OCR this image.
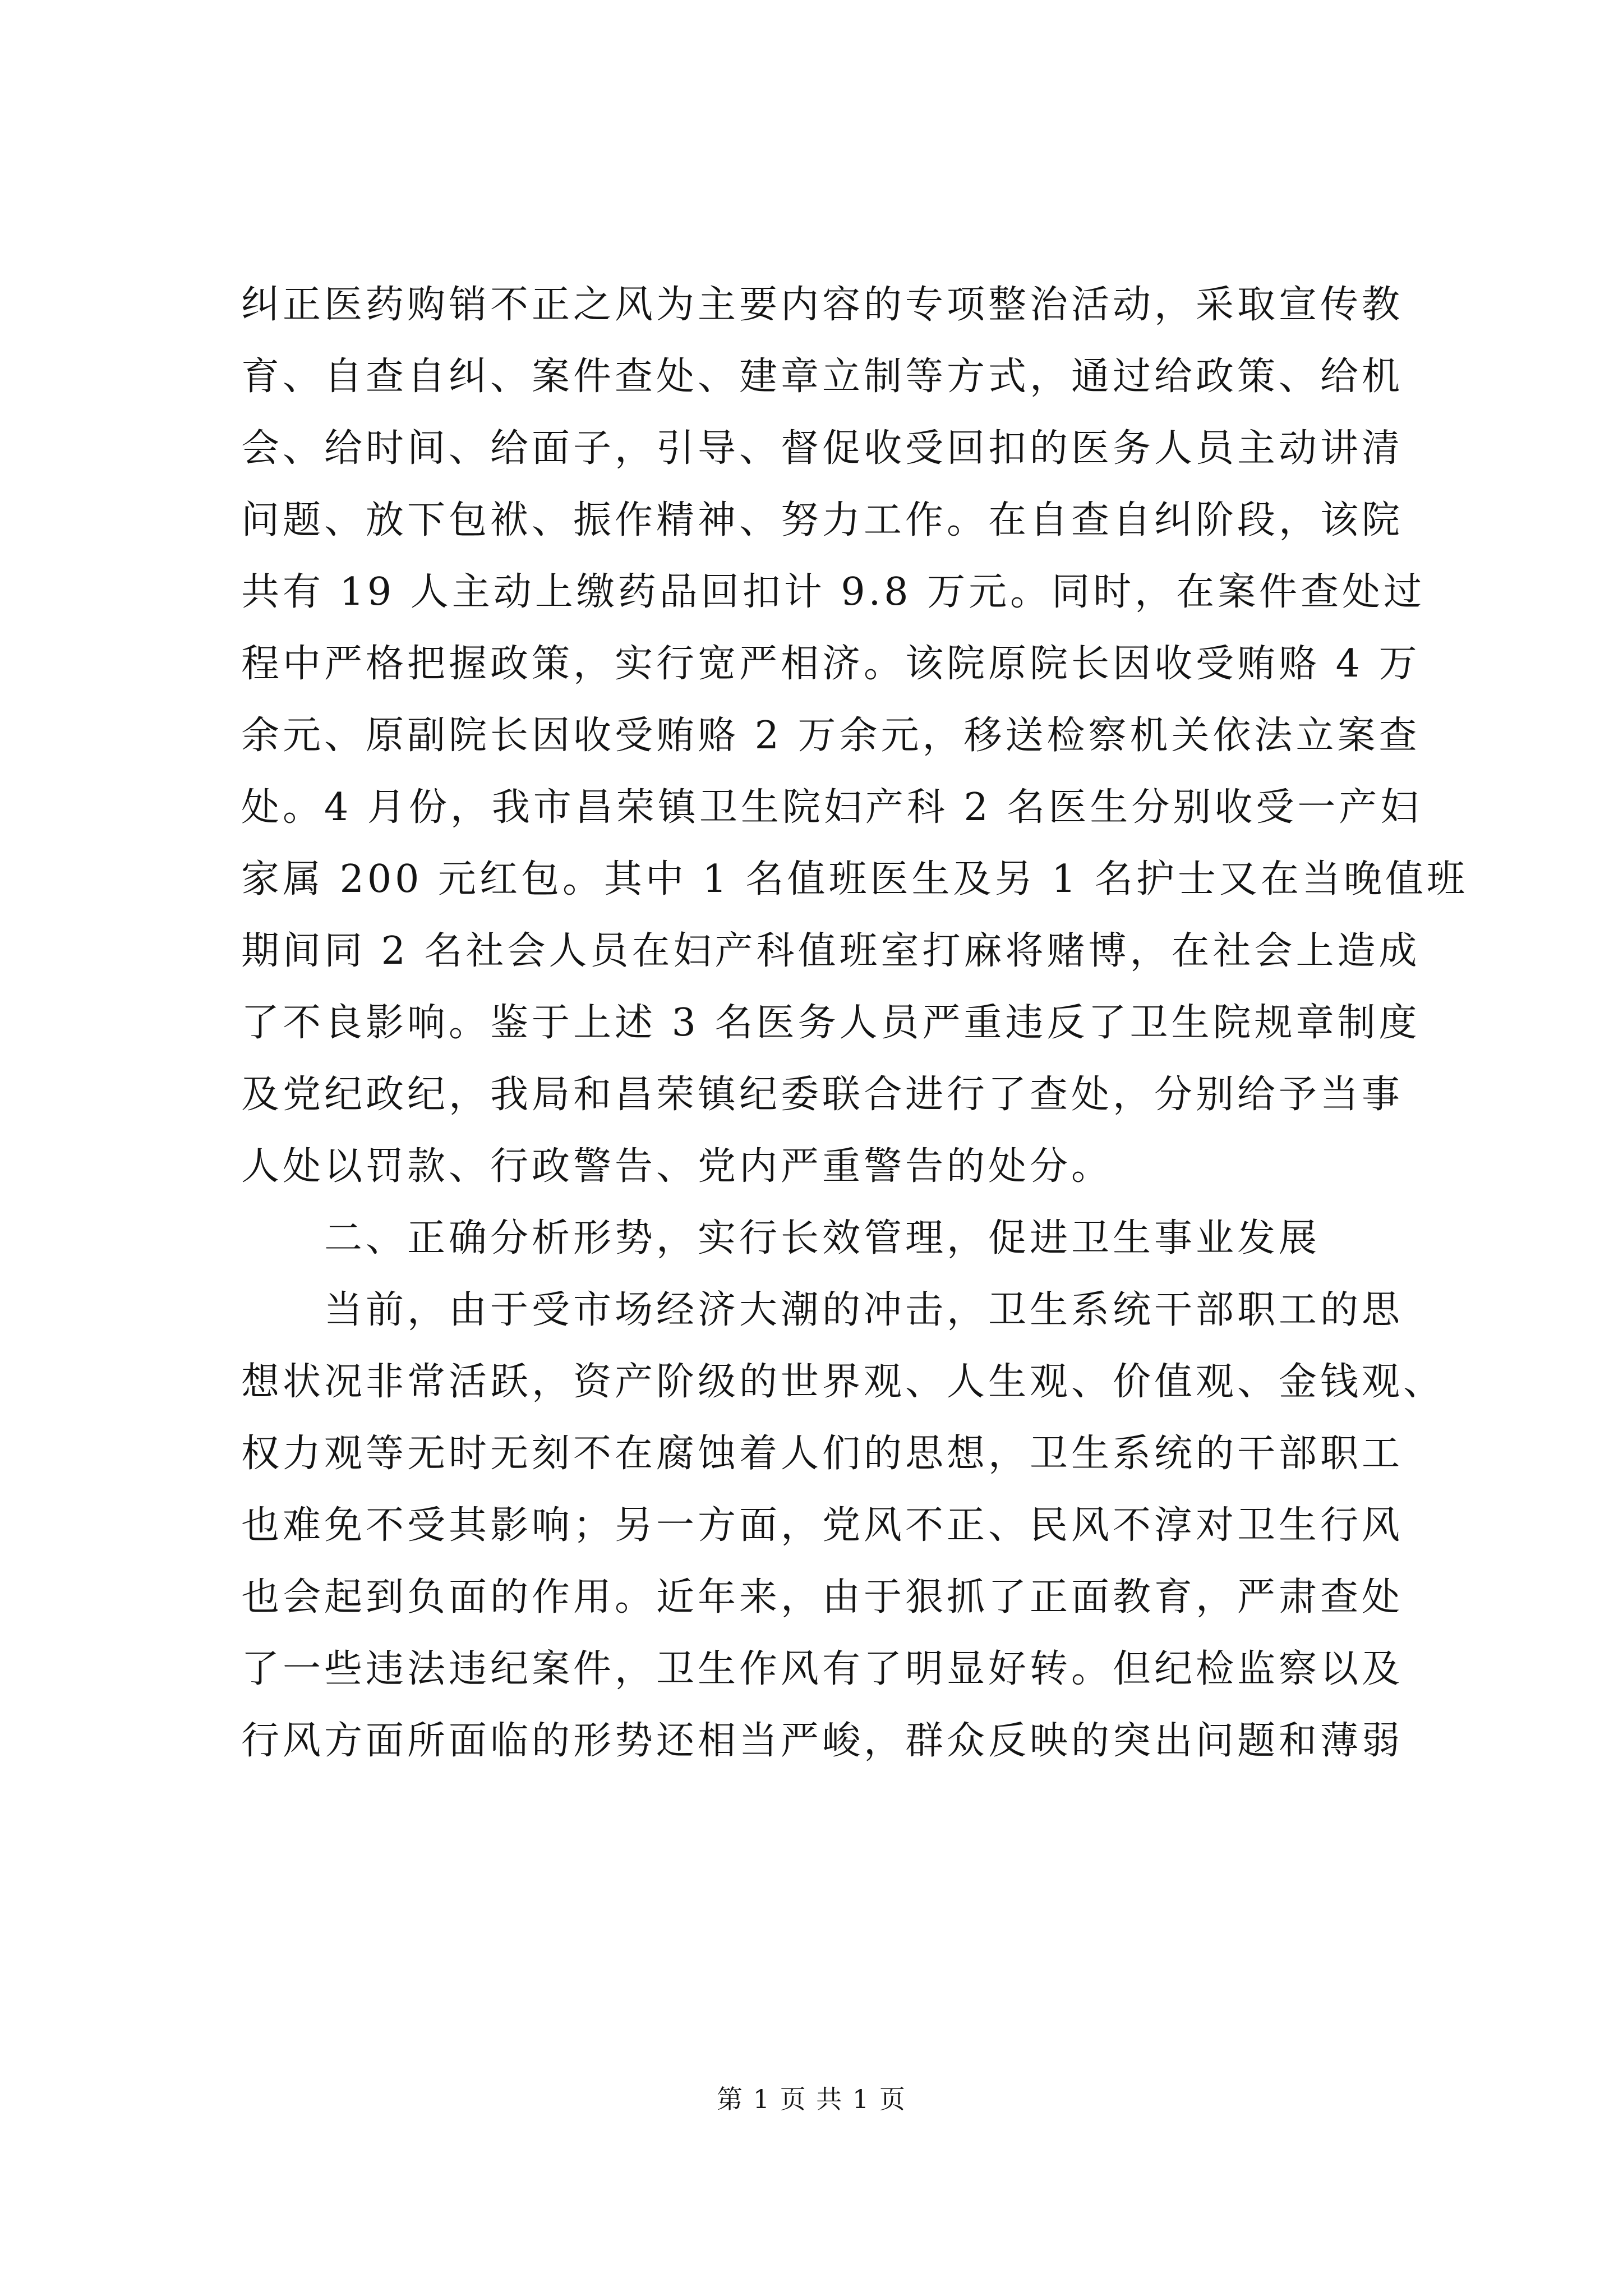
纠正医药购销不正之风为主要内容的专项整治活动，采取宣传教
育、自查自纠、案件查处、建章立制等方式，通过给政策、给机
会、给时间、给面子，引导、督促收受回扣的医务人员主动讲清
问题、放下包袱、振作精神、努力工作。在自查自纠阶段，该院
共有 19 人主动上缴药品回扣计 9.8 万元。同时，在案件查处过
程中严格把握政策，实行宽严相济。该院原院长因收受贿赂 4 万
余元、原副院长因收受贿赂 2 万余元，移送检察机关依法立案查
处。4 月份，我市昌荣镇卫生院妇产科 2 名医生分别收受一产妇
家属 200 元红包。其中 1 名值班医生及另 1 名护士又在当晚值班
期间同 2 名社会人员在妇产科值班室打麻将赌博，在社会上造成
了不良影响。鉴于上述 3 名医务人员严重违反了卫生院规章制度
及党纪政纪，我局和昌荣镇纪委联合进行了查处，分别给予当事
人处以罚款、行政警告、党内严重警告的处分。
　　二、正确分析形势，实行长效管理，促进卫生事业发展
　　当前，由于受市场经济大潮的冲击，卫生系统干部职工的思
想状况非常活跃，资产阶级的世界观、人生观、价值观、金钱观、
权力观等无时无刻不在腐蚀着人们的思想，卫生系统的干部职工
也难免不受其影响；另一方面，党风不正、民风不淳对卫生行风
也会起到负面的作用。近年来，由于狠抓了正面教育，严肃查处
了一些违法违纪案件，卫生作风有了明显好转。但纪检监察以及
行风方面所面临的形势还相当严峻，群众反映的突出问题和薄弱
第 1 页 共 1 页
